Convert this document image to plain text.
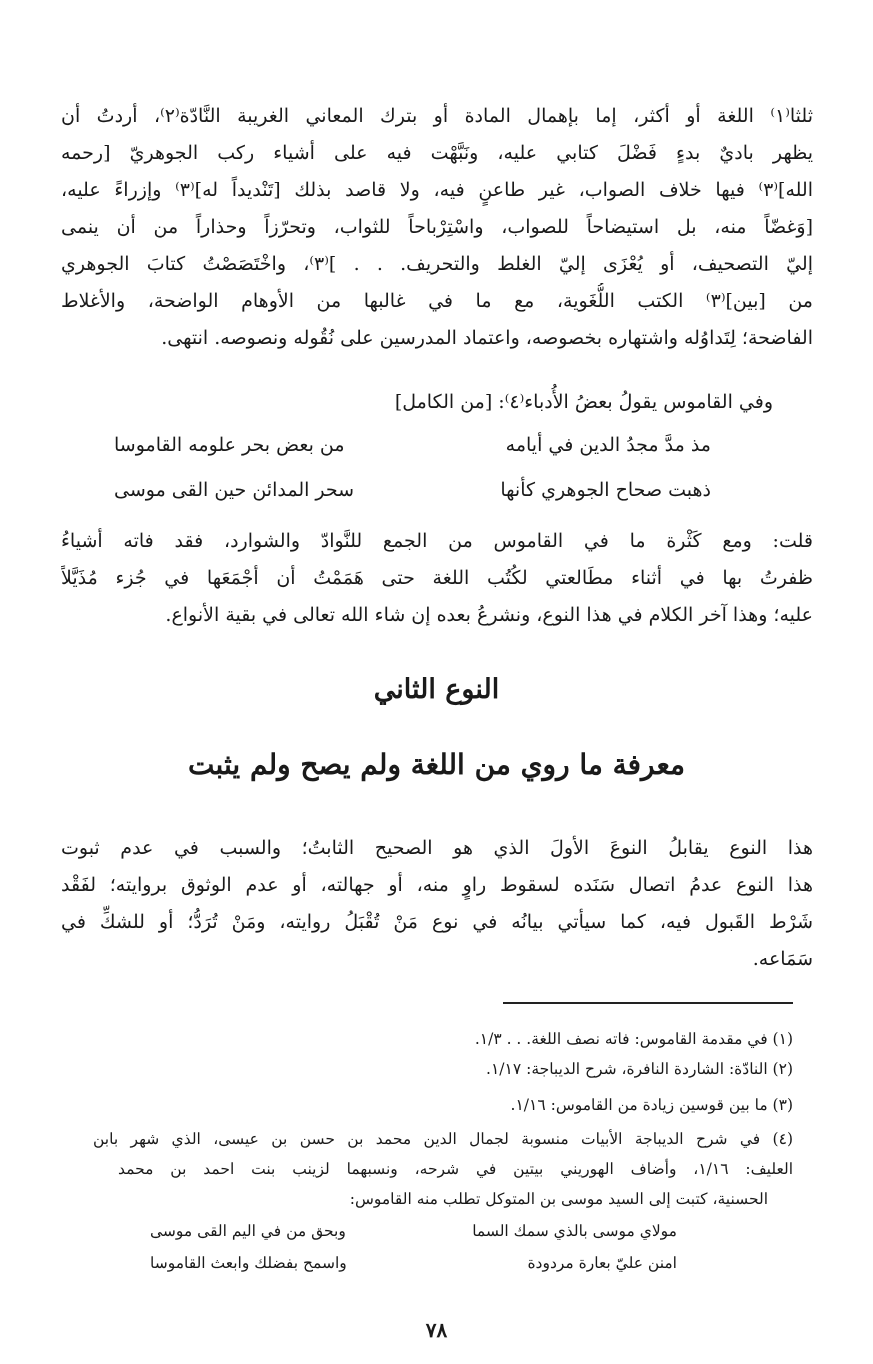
ثلثا⁽١⁾ اللغة أو أكثر، إما بإهمال المادة أو بترك المعاني الغريبة النَّادّة⁽٢⁾، أردتُ أن
يظهر باديٌ بدءٍ فَضْلَ كتابي عليه، ونَبَّهْت فيه على أشياء ركب الجوهريّ [رحمه
الله]⁽٣⁾ فيها خلاف الصواب، غير طاعنٍ فيه، ولا قاصد بذلك [تَنْديداً له]⁽٣⁾ وإزراءً عليه،
[وَغضّاً منه، بل استيضاحاً للصواب، واسْتِرْباحاً للثواب، وتحرّزاً وحذاراً من أن ينمى
إليّ التصحيف، أو يُعْزَى إليّ الغلط والتحريف. . . ]⁽٣⁾، واخْتَصَصْتُ كتابَ الجوهري
من [بين]⁽٣⁾ الكتب اللُّغَوية، مع ما في غالبها من الأوهام الواضحة، والأغلاط
الفاضحة؛ لِتَداوُله واشتهاره بخصوصه، واعتماد المدرسين على نُقُوله ونصوصه. انتهى.
وفي القاموس يقولُ بعضُ الأُدباء⁽٤⁾: [من الكامل]
مذ مدَّ مجدُ الدين في أيامه
من بعض بحر علومه القاموسا
ذهبت صحاح الجوهري كأنها
سحر المدائن حين القى موسى
قلت: ومع كَثْرة ما في القاموس من الجمع للنَّوادّ والشوارد، فقد فاته أشياءُ
ظفرتُ بها في أثناء مطَالعتي لكُتُب اللغة حتى هَمَمْتُ أن أجْمَعَها في جُزء مُذَيَّلاً
عليه؛ وهذا آخر الكلام في هذا النوع، ونشرعُ بعده إن شاء الله تعالى في بقية الأنواع.
النوع الثاني
معرفة ما روي من اللغة ولم يصح ولم يثبت
هذا النوع يقابلُ النوعَ الأولَ الذي هو الصحيح الثابتُ؛ والسبب في عدم ثبوت
هذا النوع عدمُ اتصال سَنَده لسقوط راوٍ منه، أو جهالته، أو عدم الوثوق بروايته؛ لفَقْد
شَرْط القَبول فيه، كما سيأتي بيانُه في نوع مَنْ تُقْبَلُ روايته، ومَنْ تُرَدُّ؛ أو للشكِّ في
سَمَاعه.
(١) في مقدمة القاموس: فاته نصف اللغة. . . ١/٣.
(٢) النادّة: الشاردة النافرة، شرح الديباجة: ١/١٧.
(٣) ما بين قوسين زيادة من القاموس: ١/١٦.
(٤) في شرح الديباجة الأبيات منسوبة لجمال الدين محمد بن حسن بن عيسى، الذي شهر بابن
العليف: ١/١٦، وأضاف الهوريني بيتين في شرحه، ونسبهما لزينب بنت احمد بن محمد
الحسنية، كتبت إلى السيد موسى بن المتوكل تطلب منه القاموس:
مولاي موسى بالذي سمك السما
وبحق من في اليم القى موسى
امنن عليّ بعارة مردودة
واسمح بفضلك وابعث القاموسا
٧٨
